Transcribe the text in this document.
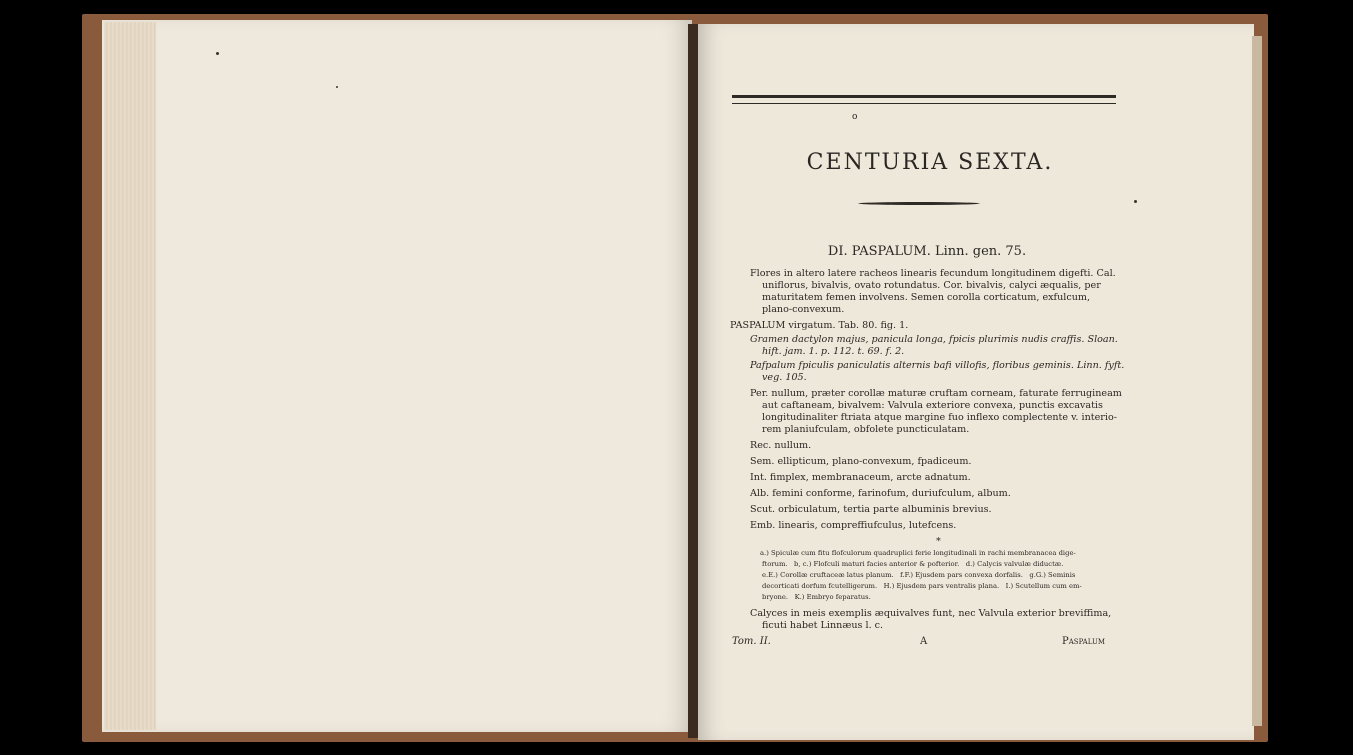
o
CENTURIA SEXTA.
DI. PASPALUM. Linn. gen. 75.
Flores in altero latere racheos linearis fecundum longitudinem digefti. Cal.
uniflorus, bivalvis, ovato rotundatus. Cor. bivalvis, calyci æqualis, per
maturitatem femen involvens. Semen corolla corticatum, exfulcum,
plano-convexum.
PASPALUM virgatum. Tab. 80. fig. 1.
Gramen dactylon majus, panicula longa, fpicis plurimis nudis craffis. Sloan.
hift. jam. 1. p. 112. t. 69. f. 2.
Pafpalum fpiculis paniculatis alternis bafi villofis, floribus geminis. Linn. fyft.
veg. 105.
Per. nullum, præter corollæ maturæ cruftam corneam, faturate ferrugineam
aut caftaneam, bivalvem: Valvula exteriore convexa, punctis excavatis
longitudinaliter ftriata atque margine fuo inflexo complectente v. interio-
rem planiufculam, obfolete puncticulatam.
Rec. nullum.
Sem. ellipticum, plano-convexum, fpadiceum.
Int. fimplex, membranaceum, arcte adnatum.
Alb. femini conforme, farinofum, duriufculum, album.
Scut. orbiculatum, tertia parte albuminis brevius.
Emb. linearis, compreffiufculus, lutefcens.
*
a.) Spiculæ cum fitu flofculorum quadruplici ferie longitudinali in rachi membranacea dige-
ftorum.   b, c.) Flofculi maturi facies anterior & pofterior.   d.) Calycis valvulæ diductæ.
e.E.) Corollæ cruftaceæ latus planum.   f.F.) Ejusdem pars convexa dorfalis.   g.G.) Seminis
decorticati dorfum fcutelligerum.   H.) Ejusdem pars ventralis plana.   I.) Scutellum cum em-
bryone.   K.) Embryo feparatus.
Calyces in meis exemplis æquivalves funt, nec Valvula exterior breviffima,
ficuti habet Linnæus l. c.
Tom. II.	A	Paspalum
